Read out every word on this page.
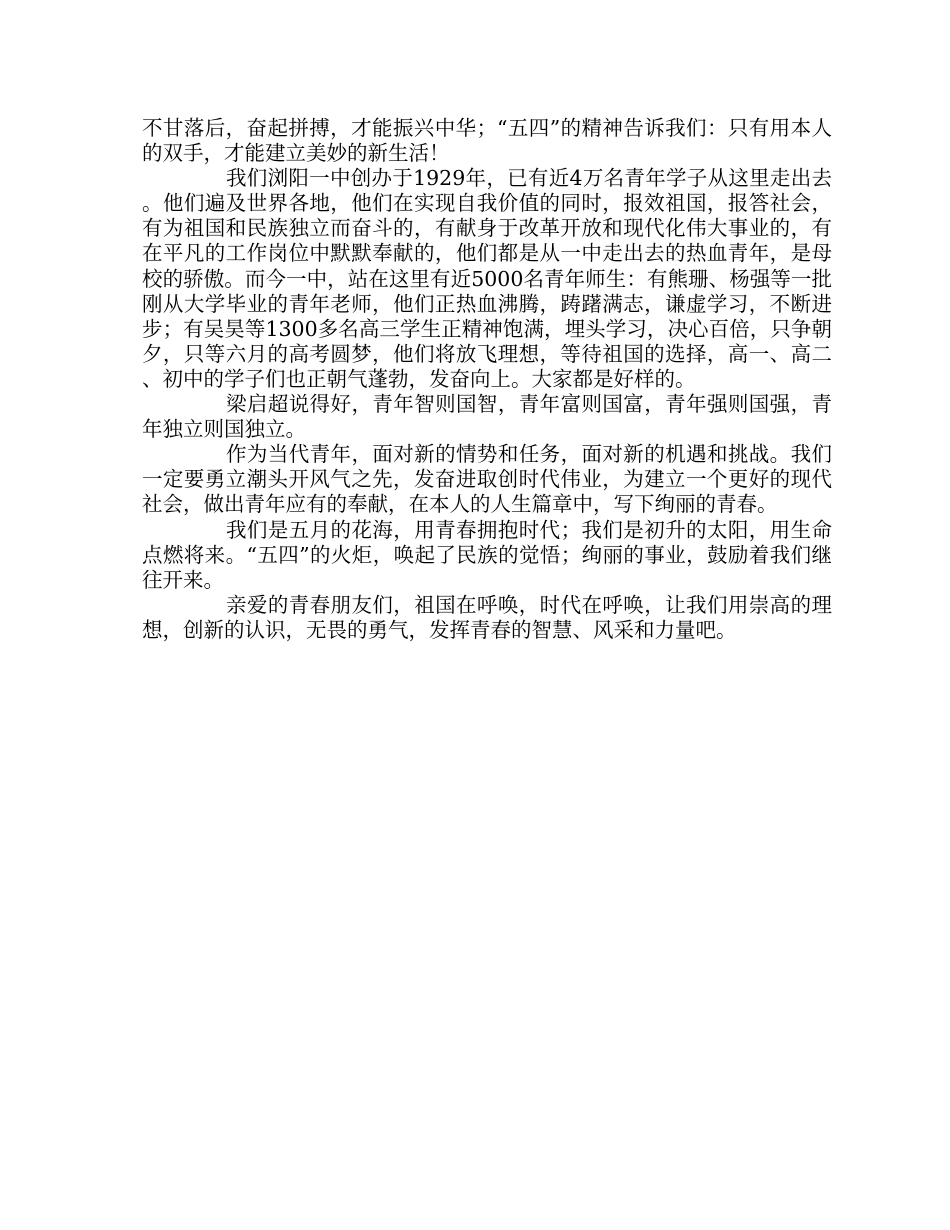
不甘落后，奋起拼搏，才能振兴中华；“五四”的精神告诉我们：只有用本人的双手，才能建立美妙的新生活！

我们浏阳一中创办于1929年，已有近4万名青年学子从这里走出去。他们遍及世界各地，他们在实现自我价值的同时，报效祖国，报答社会，有为祖国和民族独立而奋斗的，有献身于改革开放和现代化伟大事业的，有在平凡的工作岗位中默默奉献的，他们都是从一中走出去的热血青年，是母校的骄傲。而今一中，站在这里有近5000名青年师生：有熊珊、杨强等一批刚从大学毕业的青年老师，他们正热血沸腾，踌躇满志，谦虚学习，不断进步；有吴昊等1300多名高三学生正精神饱满，埋头学习，决心百倍，只争朝夕，只等六月的高考圆梦，他们将放飞理想，等待祖国的选择，高一、高二、初中的学子们也正朝气蓬勃，发奋向上。大家都是好样的。

梁启超说得好，青年智则国智，青年富则国富，青年强则国强，青年独立则国独立。

作为当代青年，面对新的情势和任务，面对新的机遇和挑战。我们一定要勇立潮头开风气之先，发奋进取创时代伟业，为建立一个更好的现代社会，做出青年应有的奉献，在本人的人生篇章中，写下绚丽的青春。

我们是五月的花海，用青春拥抱时代；我们是初升的太阳，用生命点燃将来。“五四”的火炬，唤起了民族的觉悟；绚丽的事业，鼓励着我们继往开来。

亲爱的青春朋友们，祖国在呼唤，时代在呼唤，让我们用崇高的理想，创新的认识，无畏的勇气，发挥青春的智慧、风采和力量吧。
